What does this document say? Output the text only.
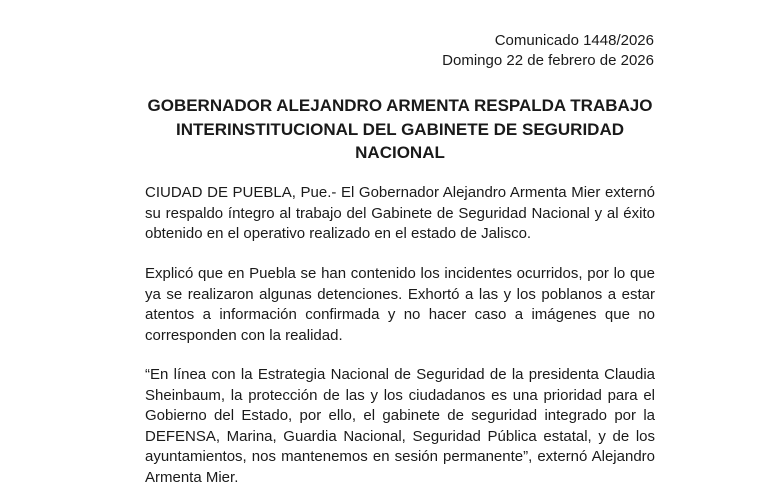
Comunicado 1448/2026
Domingo 22 de febrero de 2026
GOBERNADOR ALEJANDRO ARMENTA RESPALDA TRABAJO INTERINSTITUCIONAL DEL GABINETE DE SEGURIDAD NACIONAL

CIUDAD DE PUEBLA, Pue.- El Gobernador Alejandro Armenta Mier externó su respaldo íntegro al trabajo del Gabinete de Seguridad Nacional y al éxito obtenido en el operativo realizado en el estado de Jalisco.

Explicó que en Puebla se han contenido los incidentes ocurridos, por lo que ya se realizaron algunas detenciones. Exhortó a las y los poblanos a estar atentos a información confirmada y no hacer caso a imágenes que no corresponden con la realidad.

“En línea con la Estrategia Nacional de Seguridad de la presidenta Claudia Sheinbaum, la protección de las y los ciudadanos es una prioridad para el Gobierno del Estado, por ello, el gabinete de seguridad integrado por la DEFENSA, Marina, Guardia Nacional, Seguridad Pública estatal, y de los ayuntamientos, nos mantenemos en sesión permanente”, externó Alejandro Armenta Mier.
